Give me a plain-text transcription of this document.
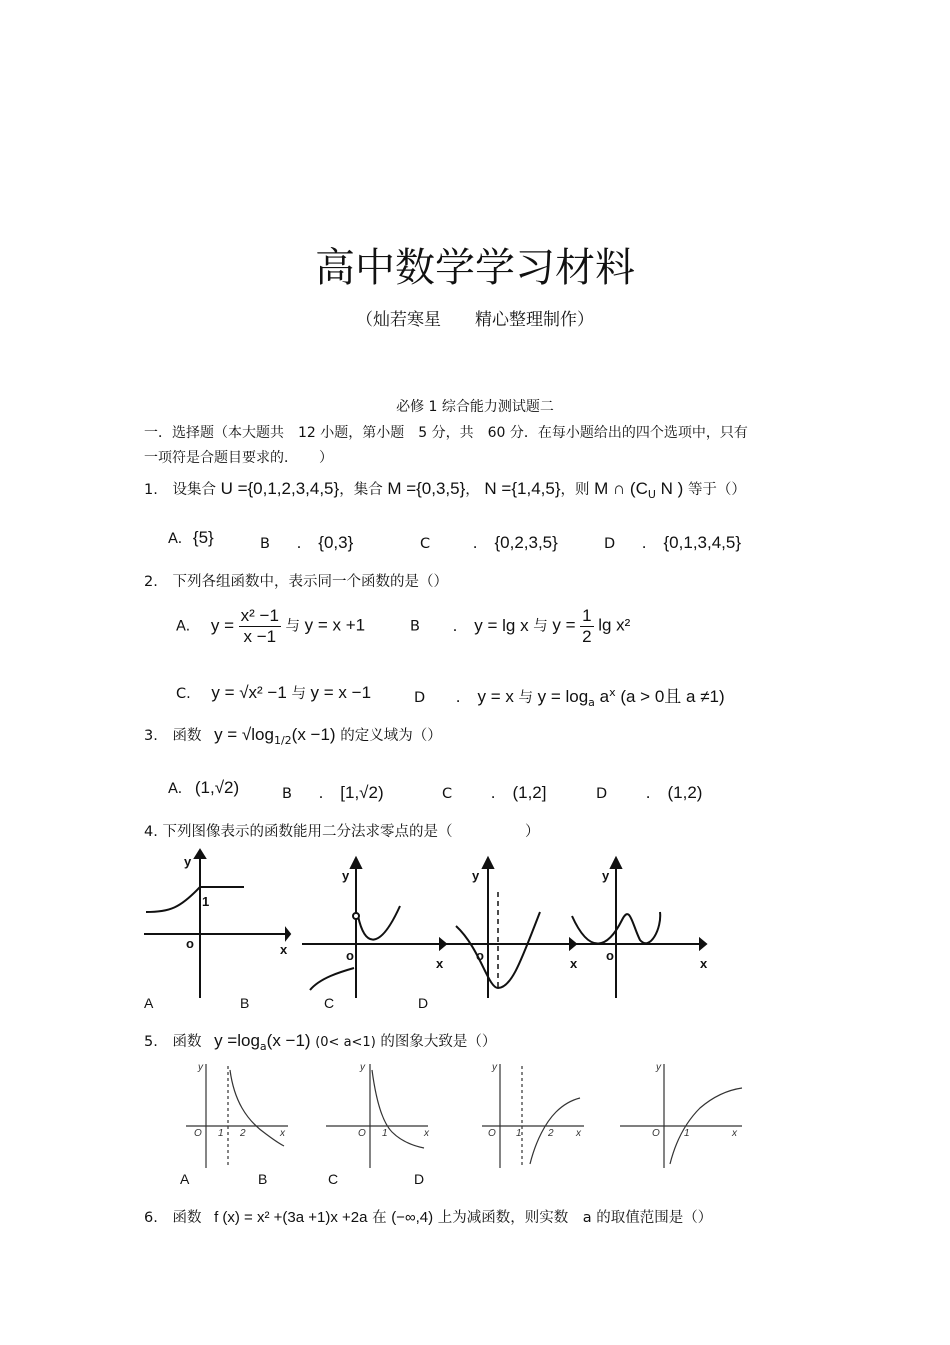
高中数学学习材料
（灿若寒星　　精心整理制作）
必修 1 综合能力测试题二
一．选择题（本大题共　12 小题，第小题　5 分，共　60 分．在每小题给出的四个选项中，只有
一项符是合题目要求的．　　）
1. 设集合 U ={0,1,2,3,4,5}，集合 M ={0,3,5}， N ={1,4,5}，则 M ∩ ($C_U$ N ) 等于（）
A. {5}	B .　{0,3}	C	.　{0,2,3,5}	D .　{0,1,3,4,5}
2. 下列各组函数中，表示同一个函数的是（）
A. $y = \frac{\text{x² −1}}{x -1}$ 与 y = x +1	B .　y = lg x 与 $y = \frac{1}{2}$ lg x²
C. y = √x² −1 与 y = x −1	D .　y = x 与 $y = \log_a a^x$ (a > 0且 a ≠1)
3. 函数 $y = √\log_{1/2}(x -1)$ 的定义域为（）
A. (1,√2)	B .　[1,√2)	C .　(1,2]	D .　(1,2)
4. 下列图像表示的函数能用二分法求零点的是（　　　　　）
y
1
o	x
y
o
x
y
o
x
y
o
x
A	B	C	D
5. 函数 $y =\log_a(x -1)$ (0< a<1) 的图象大致是（）
y
O 1 2	x
y
O 1	x
y
O 1	2 x
y
O 1	x
A	B	C	D
6. 函数 f (x) = x² +(3a +1)x +2a 在 (−∞,4) 上为减函数，则实数　a 的取值范围是（）
